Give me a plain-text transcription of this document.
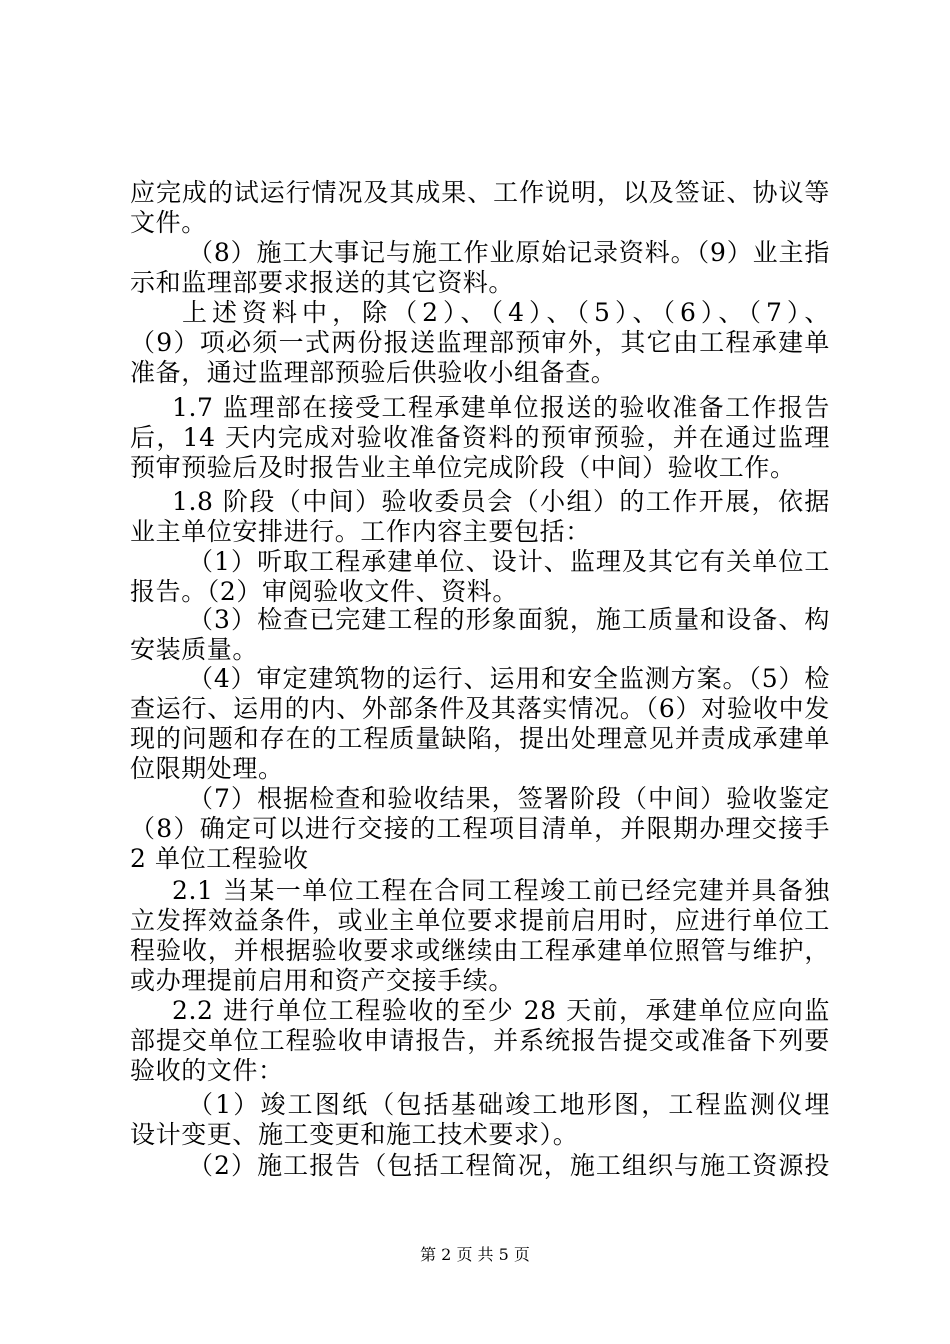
应完成的试运行情况及其成果、工作说明，以及签证、协议等
文件。
（8）施工大事记与施工作业原始记录资料。（9）业主指
示和监理部要求报送的其它资料。
上述资料中，除（2）、（4）、（5）、（6）、（7）、
（9）项必须一式两份报送监理部预审外，其它由工程承建单
准备，通过监理部预验后供验收小组备查。
1.7 监理部在接受工程承建单位报送的验收准备工作报告
后，14 天内完成对验收准备资料的预审预验，并在通过监理
预审预验后及时报告业主单位完成阶段（中间）验收工作。
1.8 阶段（中间）验收委员会（小组）的工作开展，依据
业主单位安排进行。工作内容主要包括：
（1）听取工程承建单位、设计、监理及其它有关单位工
报告。（2）审阅验收文件、资料。
（3）检查已完建工程的形象面貌，施工质量和设备、构
安装质量。
（4）审定建筑物的运行、运用和安全监测方案。（5）检
查运行、运用的内、外部条件及其落实情况。（6）对验收中发
现的问题和存在的工程质量缺陷，提出处理意见并责成承建单
位限期处理。
（7）根据检查和验收结果，签署阶段（中间）验收鉴定
（8）确定可以进行交接的工程项目清单，并限期办理交接手
2 单位工程验收
2.1 当某一单位工程在合同工程竣工前已经完建并具备独
立发挥效益条件，或业主单位要求提前启用时，应进行单位工
程验收，并根据验收要求或继续由工程承建单位照管与维护，
或办理提前启用和资产交接手续。
2.2 进行单位工程验收的至少 28 天前，承建单位应向监
部提交单位工程验收申请报告，并系统报告提交或准备下列要
验收的文件：
（1）竣工图纸（包括基础竣工地形图，工程监测仪埋
设计变更、施工变更和施工技术要求）。
（2）施工报告（包括工程简况，施工组织与施工资源投
第 2 页 共 5 页
